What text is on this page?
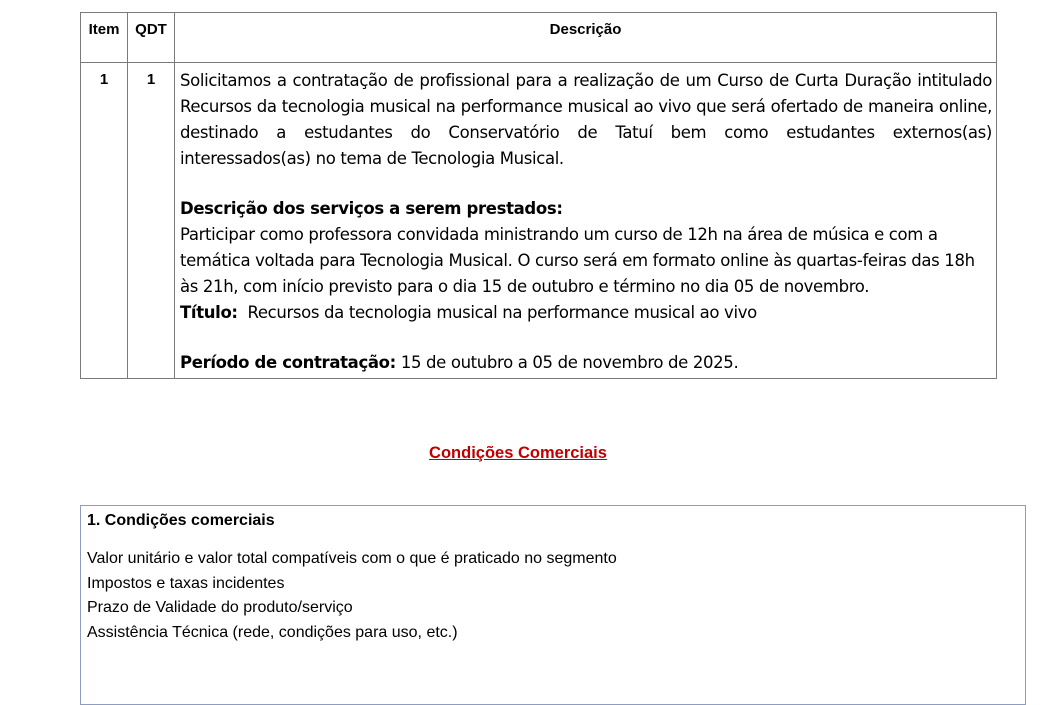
Item	QDT	Descrição
1	1	Solicitamos a contratação de profissional para a realização de um Curso de Curta Duração intitulado Recursos da tecnologia musical na performance musical ao vivo que será ofertado de maneira online, destinado a estudantes do Conservatório de Tatuí bem como estudantes externos(as) interessados(as) no tema de Tecnologia Musical.
Descrição dos serviços a serem prestados:
Participar como professora convidada ministrando um curso de 12h na área de música e com a temática voltada para Tecnologia Musical. O curso será em formato online às quartas-feiras das 18h às 21h, com início previsto para o dia 15 de outubro e término no dia 05 de novembro.
Título: Recursos da tecnologia musical na performance musical ao vivo
Período de contratação: 15 de outubro a 05 de novembro de 2025.
Condições Comerciais
1. Condições comerciais
Valor unitário e valor total compatíveis com o que é praticado no segmento
Impostos e taxas incidentes
Prazo de Validade do produto/serviço
Assistência Técnica (rede, condições para uso, etc.)
